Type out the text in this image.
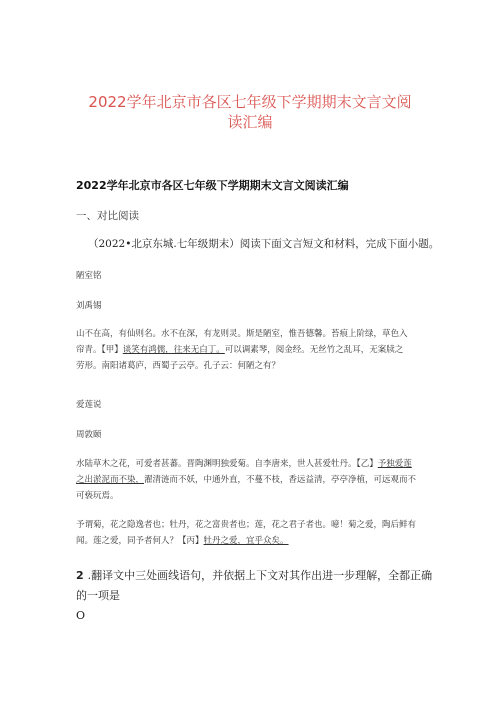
2022学年北京市各区七年级下学期期末文言文阅
读汇编
2022学年北京市各区七年级下学期期末文言文阅读汇编
一、对比阅读
（2022•北京东城.七年级期末）阅读下面文言短文和材料，完成下面小题。
陋室铭
刘禹锡
山不在高，有仙则名。水不在深，有龙则灵。斯是陋室，惟吾德馨。苔痕上阶绿，草色入
帘青。【甲】谈笑有鸿儒，往来无白丁。可以调素琴，阅金经。无丝竹之乱耳，无案牍之
劳形。南阳诸葛庐，西蜀子云亭。孔子云：何陋之有？
爱莲说
周敦颐
水陆草木之花，可爱者甚蕃。晋陶渊明独爱菊。自李唐来，世人甚爱牡丹。【乙】予独爱莲
之出淤泥而不染，濯清涟而不妖，中通外直，不蔓不枝，香远益清，亭亭净植，可远观而不
可亵玩焉。
予谓菊，花之隐逸者也；牡丹，花之富贵者也；莲，花之君子者也。噫！菊之爱，陶后鲜有
闻。莲之爱，同予者何人？【丙】牡丹之爱，宜乎众矣。
2 .翻译文中三处画线语句，并依据上下文对其作出进一步理解，全都正确的一项是
O
